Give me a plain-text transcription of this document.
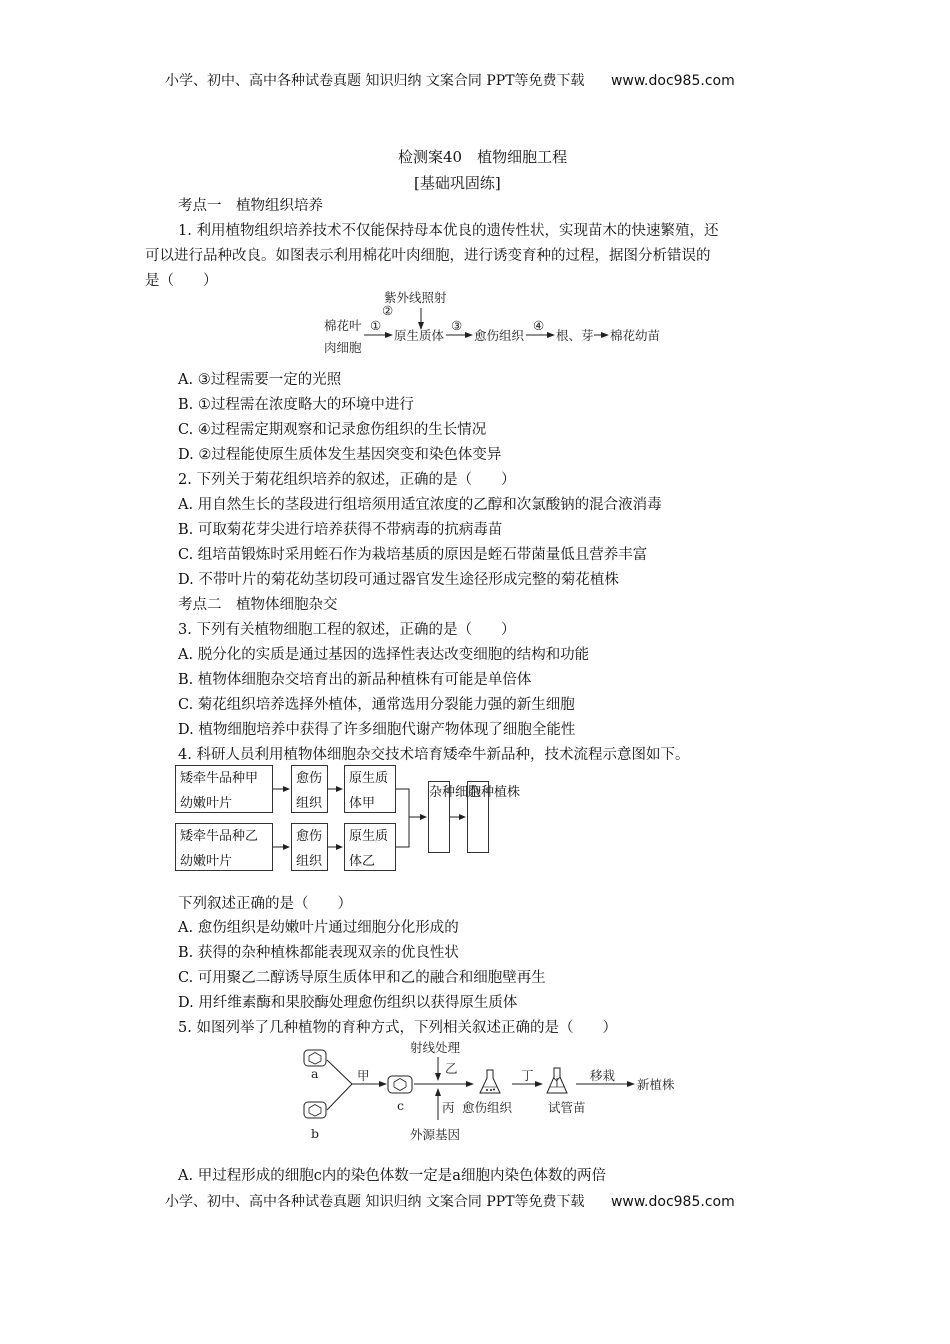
小学、初中、高中各种试卷真题 知识归纳 文案合同 PPT等免费下载 www.doc985.com
检测案40　植物细胞工程
[基础巩固练]
考点一　植物组织培养
1. 利用植物组织培养技术不仅能保持母本优良的遗传性状，实现苗木的快速繁殖，还
可以进行品种改良。如图表示利用棉花叶肉细胞，进行诱变育种的过程，据图分析错误的
是（　　）
紫外线照射
②
棉花叶
肉细胞
①
原生质体
③
愈伤组织
④
根、芽 棉花幼苗
A. ③过程需要一定的光照
B. ①过程需在浓度略大的环境中进行
C. ④过程需定期观察和记录愈伤组织的生长情况
D. ②过程能使原生质体发生基因突变和染色体变异
2. 下列关于菊花组织培养的叙述，正确的是（　　）
A. 用自然生长的茎段进行组培须用适宜浓度的乙醇和次氯酸钠的混合液消毒
B. 可取菊花芽尖进行培养获得不带病毒的抗病毒苗
C. 组培苗锻炼时采用蛭石作为栽培基质的原因是蛭石带菌量低且营养丰富
D. 不带叶片的菊花幼茎切段可通过器官发生途径形成完整的菊花植株
考点二　植物体细胞杂交
3. 下列有关植物细胞工程的叙述，正确的是（　　）
A. 脱分化的实质是通过基因的选择性表达改变细胞的结构和功能
B. 植物体细胞杂交培育出的新品种植株有可能是单倍体
C. 菊花组织培养选择外植体，通常选用分裂能力强的新生细胞
D. 植物细胞培养中获得了许多细胞代谢产物体现了细胞全能性
4. 科研人员利用植物体细胞杂交技术培育矮牵牛新品种，技术流程示意图如下。
矮牵牛品种甲
幼嫩叶片
愈伤
组织
原生质
体甲
矮牵牛品种乙
幼嫩叶片
愈伤
组织
原生质
体乙
杂种细胞
杂种植株
下列叙述正确的是（　　）
A. 愈伤组织是幼嫩叶片通过细胞分化形成的
B. 获得的杂种植株都能表现双亲的优良性状
C. 可用聚乙二醇诱导原生质体甲和乙的融合和细胞壁再生
D. 用纤维素酶和果胶酶处理愈伤组织以获得原生质体
5. 如图列举了几种植物的育种方式，下列相关叙述正确的是（　　）
a
b
甲
c
射线处理
乙
丙
外源基因
愈伤组织
丁
试管苗
移栽
新植株
A. 甲过程形成的细胞c内的染色体数一定是a细胞内染色体数的两倍
小学、初中、高中各种试卷真题 知识归纳 文案合同 PPT等免费下载 www.doc985.com
